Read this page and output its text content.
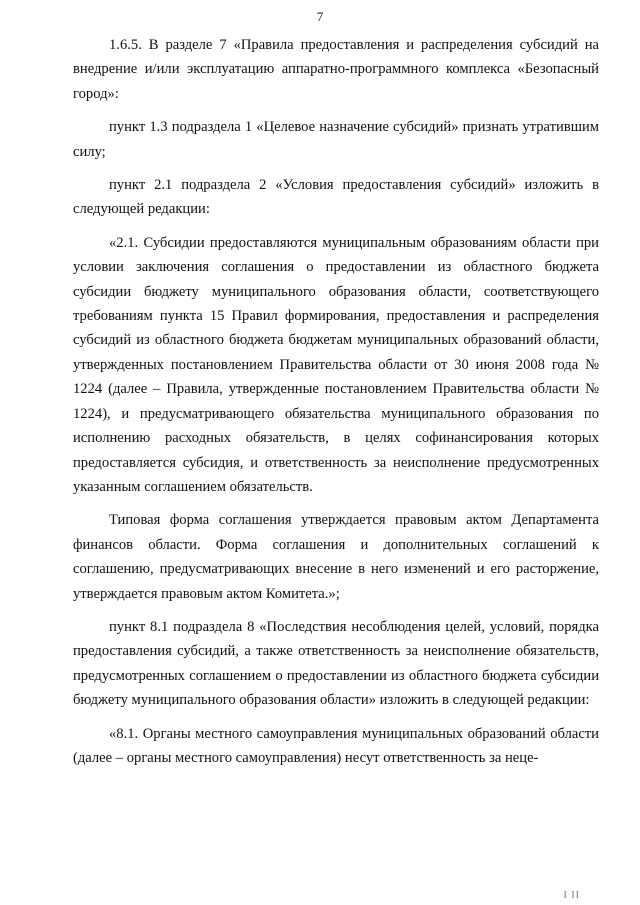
7

1.6.5. В разделе 7 «Правила предоставления и распределения субсидий на внедрение и/или эксплуатацию аппаратно-программного комплекса «Безопасный город»:

пункт 1.3 подраздела 1 «Целевое назначение субсидий» признать утратившим силу;

пункт 2.1 подраздела 2 «Условия предоставления субсидий» изложить в следующей редакции:

«2.1. Субсидии предоставляются муниципальным образованиям области при условии заключения соглашения о предоставлении из областного бюджета субсидии бюджету муниципального образования области, соответствующего требованиям пункта 15 Правил формирования, предоставления и распределения субсидий из областного бюджета бюджетам муниципальных образований области, утвержденных постановлением Правительства области от 30 июня 2008 года № 1224 (далее – Правила, утвержденные постановлением Правительства области № 1224), и предусматривающего обязательства муниципального образования по исполнению расходных обязательств, в целях софинансирования которых предоставляется субсидия, и ответственность за неисполнение предусмотренных указанным соглашением обязательств.

Типовая форма соглашения утверждается правовым актом Департамента финансов области. Форма соглашения и дополнительных соглашений к соглашению, предусматривающих внесение в него изменений и его расторжение, утверждается правовым актом Комитета.»;

пункт 8.1 подраздела 8 «Последствия несоблюдения целей, условий, порядка предоставления субсидий, а также ответственность за неисполнение обязательств, предусмотренных соглашением о предоставлении из областного бюджета субсидии бюджету муниципального образования области» изложить в следующей редакции:

«8.1. Органы местного самоуправления муниципальных образований области (далее – органы местного самоуправления) несут ответственность за неце-

I II
